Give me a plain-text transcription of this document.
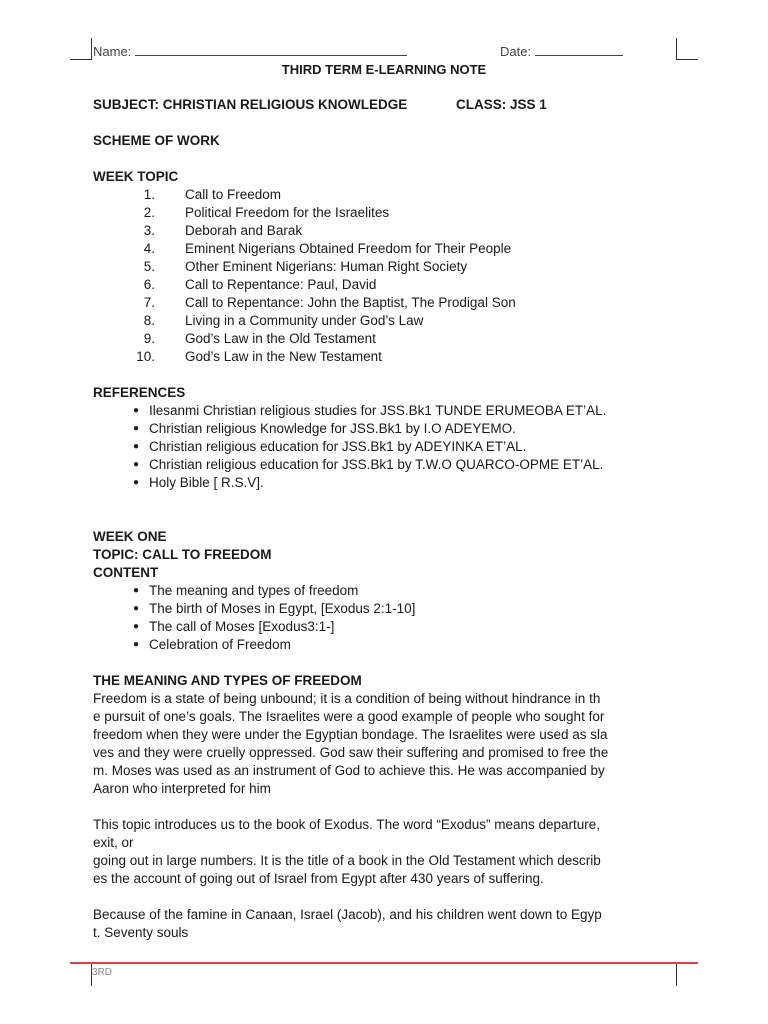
Name:	Date:
THIRD TERM E-LEARNING NOTE
SUBJECT: CHRISTIAN RELIGIOUS KNOWLEDGE	CLASS: JSS 1
SCHEME OF WORK
WEEK TOPIC
1.	Call to Freedom
2.	Political Freedom for the Israelites
3.	Deborah and Barak
4.	Eminent Nigerians Obtained Freedom for Their People
5.	Other Eminent Nigerians: Human Right Society
6.	Call to Repentance: Paul, David
7.	Call to Repentance: John the Baptist, The Prodigal Son
8.	Living in a Community under God’s Law
9.	God’s Law in the Old Testament
10.	God’s Law in the New Testament
REFERENCES
● Ilesanmi Christian religious studies for JSS.Bk1 TUNDE ERUMEOBA ET’AL.
● Christian religious Knowledge for JSS.Bk1 by I.O ADEYEMO.
● Christian religious education for JSS.Bk1 by ADEYINKA ET’AL.
● Christian religious education for JSS.Bk1 by T.W.O QUARCO-OPME ET’AL.
● Holy Bible [ R.S.V].
WEEK ONE
TOPIC: CALL TO FREEDOM
CONTENT
● The meaning and types of freedom
● The birth of Moses in Egypt, [Exodus 2:1-10]
● The call of Moses [Exodus3:1-]
● Celebration of Freedom
THE MEANING AND TYPES OF FREEDOM
Freedom is a state of being unbound; it is a condition of being without hindrance in th
e pursuit of one’s goals. The Israelites were a good example of people who sought for
freedom when they were under the Egyptian bondage. The Israelites were used as sla
ves and they were cruelly oppressed. God saw their suffering and promised to free the
m. Moses was used as an instrument of God to achieve this. He was accompanied by
Aaron who interpreted for him
This topic introduces us to the book of Exodus. The word “Exodus” means departure,
exit, or
going out in large numbers. It is the title of a book in the Old Testament which describ
es the account of going out of Israel from Egypt after 430 years of suffering.
Because of the famine in Canaan, Israel (Jacob), and his children went down to Egyp
t. Seventy souls
3RD
